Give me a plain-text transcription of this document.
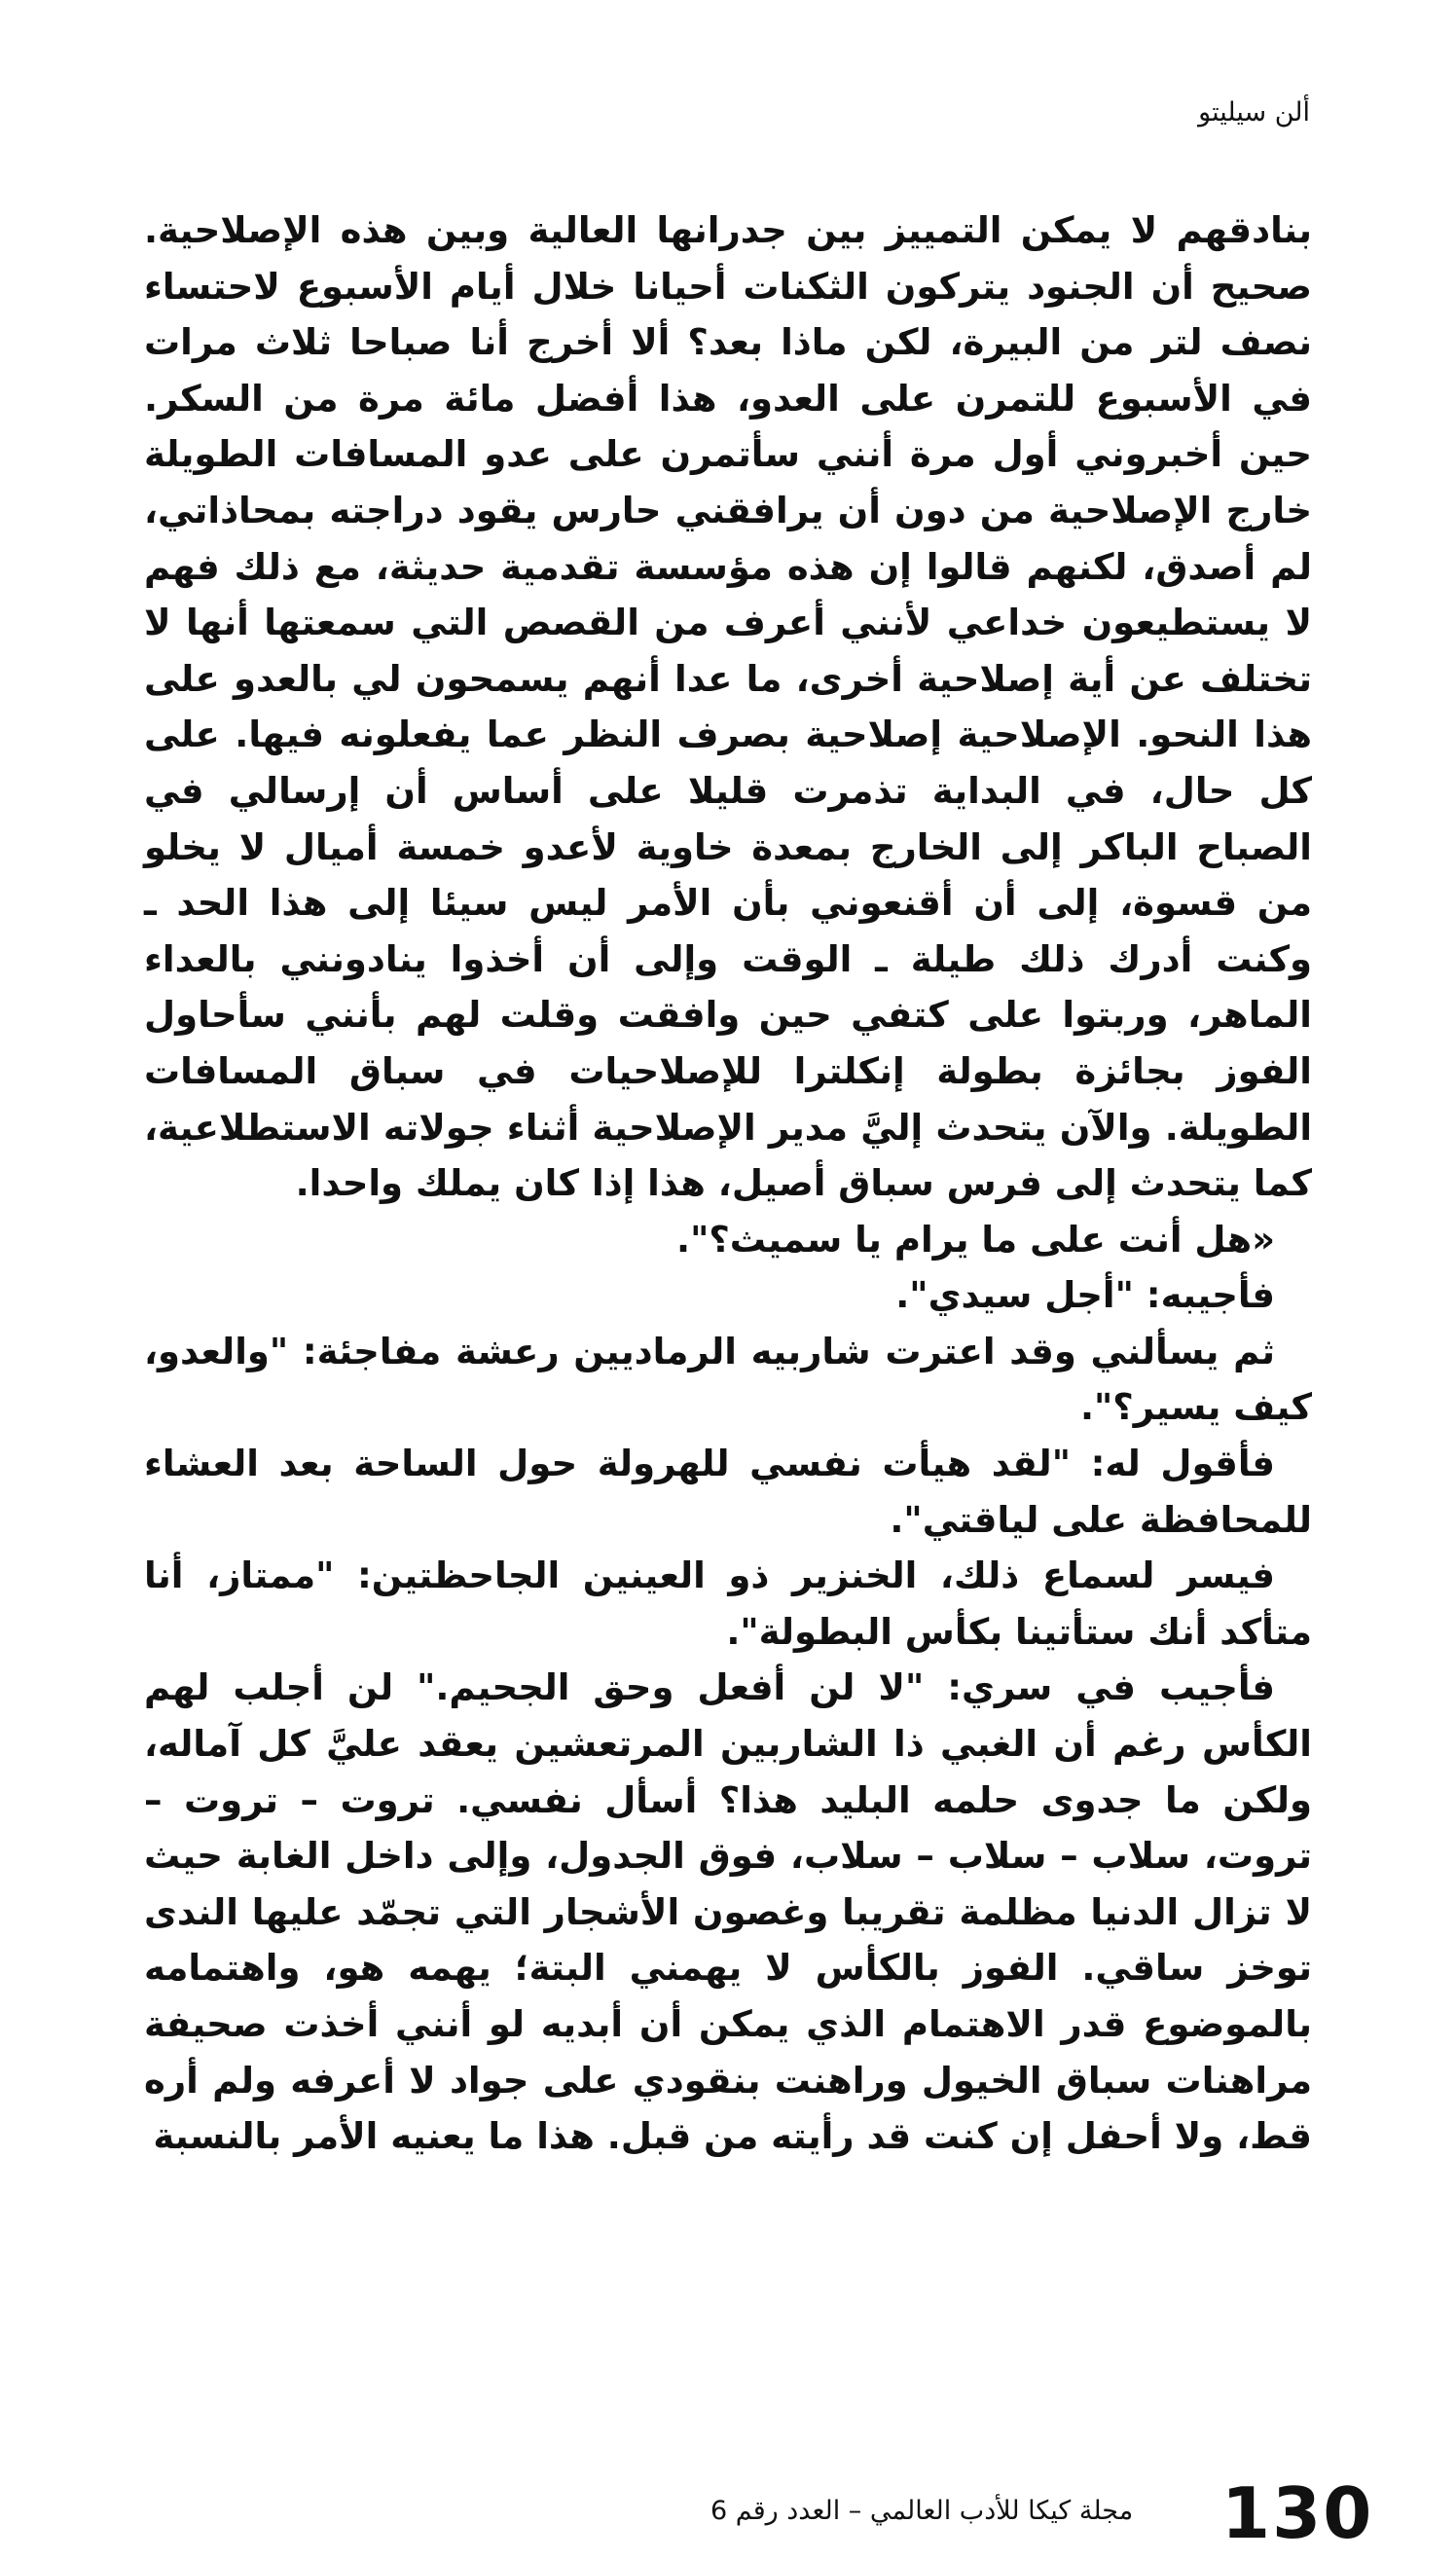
ألن سيليتو

بنادقهم لا يمكن التمييز بين جدرانها العالية وبين هذه الإصلاحية. صحيح أن الجنود يتركون الثكنات أحيانا خلال أيام الأسبوع لاحتساء نصف لتر من البيرة، لكن ماذا بعد؟ ألا أخرج أنا صباحا ثلاث مرات في الأسبوع للتمرن على العدو، هذا أفضل مائة مرة من السكر. حين أخبروني أول مرة أنني سأتمرن على عدو المسافات الطويلة خارج الإصلاحية من دون أن يرافقني حارس يقود دراجته بمحاذاتي، لم أصدق، لكنهم قالوا إن هذه مؤسسة تقدمية حديثة، مع ذلك فهم لا يستطيعون خداعي لأنني أعرف من القصص التي سمعتها أنها لا تختلف عن أية إصلاحية أخرى، ما عدا أنهم يسمحون لي بالعدو على هذا النحو. الإصلاحية إصلاحية بصرف النظر عما يفعلونه فيها. على كل حال، في البداية تذمرت قليلا على أساس أن إرسالي في الصباح الباكر إلى الخارج بمعدة خاوية لأعدو خمسة أميال لا يخلو من قسوة، إلى أن أقنعوني بأن الأمر ليس سيئا إلى هذا الحد ـ وكنت أدرك ذلك طيلة ـ الوقت وإلى أن أخذوا ينادونني بالعداء الماهر، وربتوا على كتفي حين وافقت وقلت لهم بأنني سأحاول الفوز بجائزة بطولة إنكلترا للإصلاحيات في سباق المسافات الطويلة. والآن يتحدث إليَّ مدير الإصلاحية أثناء جولاته الاستطلاعية، كما يتحدث إلى فرس سباق أصيل، هذا إذا كان يملك واحدا.

«هل أنت على ما يرام يا سميث؟".

فأجيبه: "أجل سيدي".

ثم يسألني وقد اعترت شاربيه الرماديين رعشة مفاجئة: "والعدو، كيف يسير؟".

فأقول له: "لقد هيأت نفسي للهرولة حول الساحة بعد العشاء للمحافظة على لياقتي".

فيسر لسماع ذلك، الخنزير ذو العينين الجاحظتين: "ممتاز، أنا متأكد أنك ستأتينا بكأس البطولة".

فأجيب في سري: "لا لن أفعل وحق الجحيم." لن أجلب لهم الكأس رغم أن الغبي ذا الشاربين المرتعشين يعقد عليَّ كل آماله، ولكن ما جدوى حلمه البليد هذا؟ أسأل نفسي. تروت – تروت – تروت، سلاب – سلاب – سلاب، فوق الجدول، وإلى داخل الغابة حيث لا تزال الدنيا مظلمة تقريبا وغصون الأشجار التي تجمّد عليها الندى توخز ساقي. الفوز بالكأس لا يهمني البتة؛ يهمه هو، واهتمامه بالموضوع قدر الاهتمام الذي يمكن أن أبديه لو أنني أخذت صحيفة مراهنات سباق الخيول وراهنت بنقودي على جواد لا أعرفه ولم أره قط، ولا أحفل إن كنت قد رأيته من قبل. هذا ما يعنيه الأمر بالنسبة

مجلة كيكا للأدب العالمي – العدد رقم 6 130
